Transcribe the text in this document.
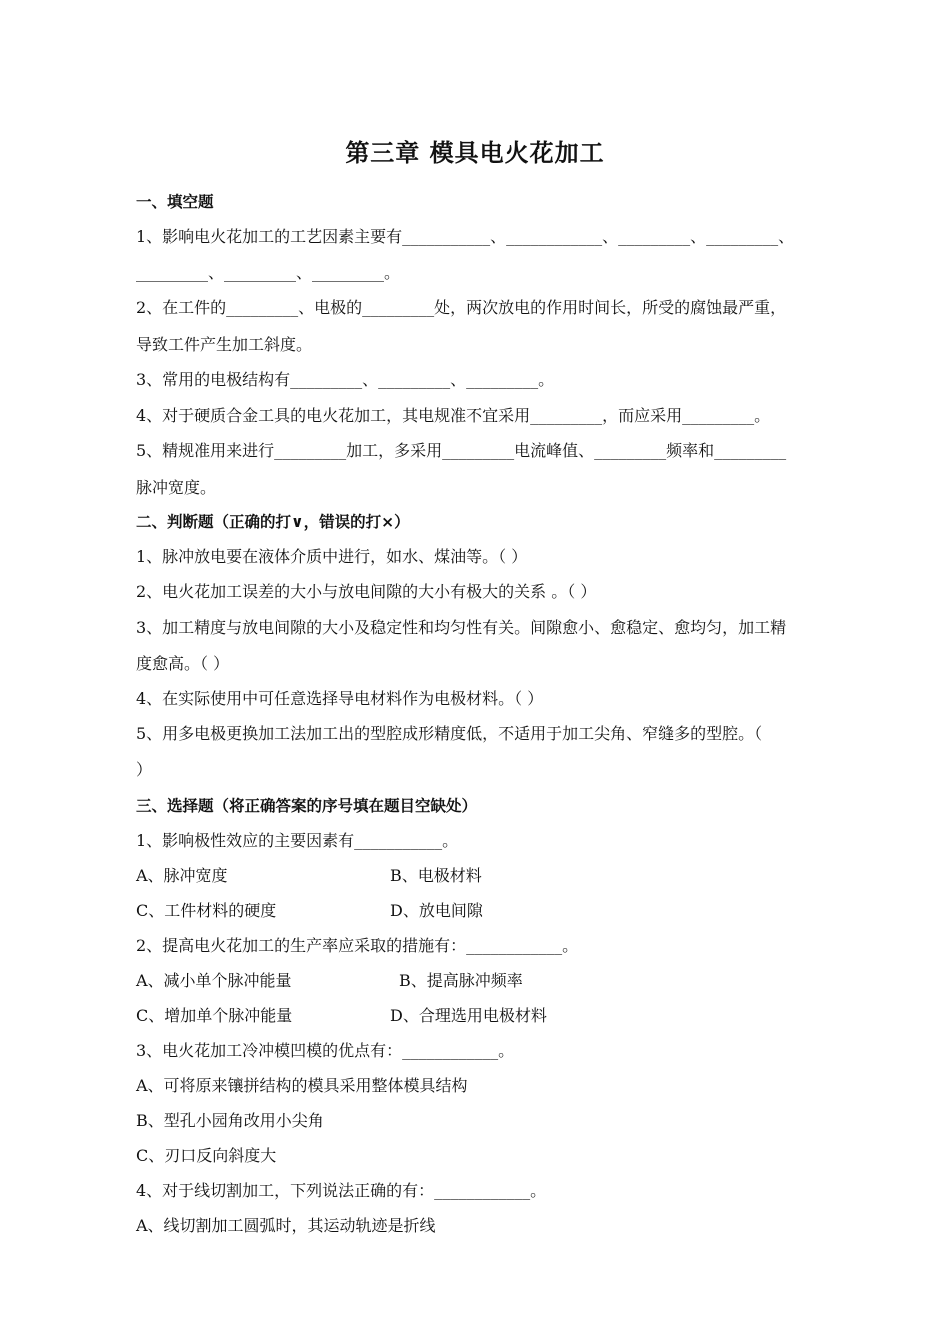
第三章 模具电火花加工
一、填空题
1、影响电火花加工的工艺因素主要有___________、____________、_________、_________、
_________、_________、_________。
2、在工件的_________、电极的_________处，两次放电的作用时间长，所受的腐蚀最严重，
导致工件产生加工斜度。
3、常用的电极结构有_________、_________、_________。
4、对于硬质合金工具的电火花加工，其电规准不宜采用_________，而应采用_________。
5、精规准用来进行_________加工，多采用_________电流峰值、_________频率和_________
脉冲宽度。
二、判断题（正确的打∨，错误的打×）
1、脉冲放电要在液体介质中进行，如水、煤油等。（ ）
2、电火花加工误差的大小与放电间隙的大小有极大的关系 。（ ）
3、加工精度与放电间隙的大小及稳定性和均匀性有关。间隙愈小、愈稳定、愈均匀，加工精
度愈高。（ ）
4、在实际使用中可任意选择导电材料作为电极材料。（ ）
5、用多电极更换加工法加工出的型腔成形精度低，不适用于加工尖角、窄缝多的型腔。（
）
三、选择题（将正确答案的序号填在题目空缺处）
1、影响极性效应的主要因素有___________。
A、脉冲宽度	B、电极材料
C、工件材料的硬度	D、放电间隙
2、提高电火花加工的生产率应采取的措施有：____________。
A、减小单个脉冲能量	B、提高脉冲频率
C、增加单个脉冲能量	D、合理选用电极材料
3、电火花加工冷冲模凹模的优点有：____________。
A、可将原来镶拼结构的模具采用整体模具结构
B、型孔小园角改用小尖角
C、刃口反向斜度大
4、对于线切割加工，下列说法正确的有：____________。
A、线切割加工圆弧时，其运动轨迹是折线
